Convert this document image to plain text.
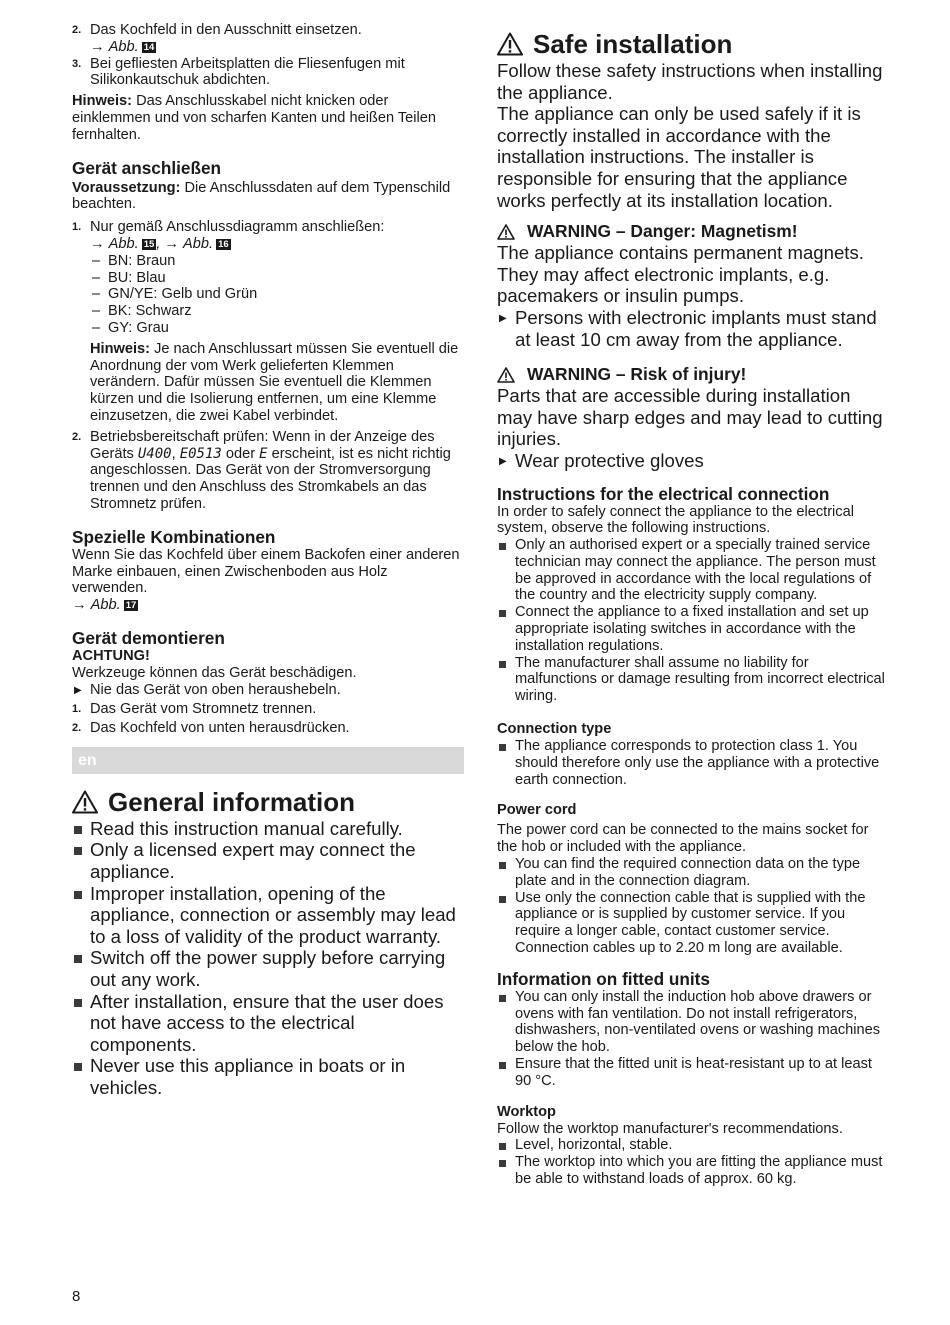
2. Das Kochfeld in den Ausschnitt einsetzen.
→ Abb. 14
3. Bei gefliesten Arbeitsplatten die Fliesenfugen mit Silikonkautschuk abdichten.
Hinweis: Das Anschlusskabel nicht knicken oder einklemmen und von scharfen Kanten und heißen Teilen fernhalten.
Gerät anschließen
Voraussetzung: Die Anschlussdaten auf dem Typenschild beachten.
1. Nur gemäß Anschlussdiagramm anschließen:
→ Abb. 15 , → Abb. 16
– BN: Braun
– BU: Blau
– GN/YE: Gelb und Grün
– BK: Schwarz
– GY: Grau
Hinweis: Je nach Anschlussart müssen Sie eventuell die Anordnung der vom Werk gelieferten Klemmen verändern. Dafür müssen Sie eventuell die Klemmen kürzen und die Isolierung entfernen, um eine Klemme einzusetzen, die zwei Kabel verbindet.
2. Betriebsbereitschaft prüfen: Wenn in der Anzeige des Geräts U400, E0513 oder E erscheint, ist es nicht richtig angeschlossen. Das Gerät von der Stromversorgung trennen und den Anschluss des Stromkabels an das Stromnetz prüfen.
Spezielle Kombinationen
Wenn Sie das Kochfeld über einem Backofen einer anderen Marke einbauen, einen Zwischenboden aus Holz verwenden.
→ Abb. 17
Gerät demontieren
ACHTUNG!
Werkzeuge können das Gerät beschädigen.
▶ Nie das Gerät von oben heraushebeln.
1. Das Gerät vom Stromnetz trennen.
2. Das Kochfeld von unten herausdrücken.
en
General information
Read this instruction manual carefully.
Only a licensed expert may connect the appliance.
Improper installation, opening of the appliance, connection or assembly may lead to a loss of validity of the product warranty.
Switch off the power supply before carrying out any work.
After installation, ensure that the user does not have access to the electrical components.
Never use this appliance in boats or in vehicles.
Safe installation
Follow these safety instructions when installing the appliance.
The appliance can only be used safely if it is correctly installed in accordance with the installation instructions. The installer is responsible for ensuring that the appliance works perfectly at its installation location.
WARNING – Danger: Magnetism!
The appliance contains permanent magnets. They may affect electronic implants, e.g. pacemakers or insulin pumps.
▶ Persons with electronic implants must stand at least 10 cm away from the appliance.
WARNING – Risk of injury!
Parts that are accessible during installation may have sharp edges and may lead to cutting injuries.
▶ Wear protective gloves
Instructions for the electrical connection
In order to safely connect the appliance to the electrical system, observe the following instructions.
Only an authorised expert or a specially trained service technician may connect the appliance. The person must be approved in accordance with the local regulations of the country and the electricity supply company.
Connect the appliance to a fixed installation and set up appropriate isolating switches in accordance with the installation regulations.
The manufacturer shall assume no liability for malfunctions or damage resulting from incorrect electrical wiring.
Connection type
The appliance corresponds to protection class 1. You should therefore only use the appliance with a protective earth connection.
Power cord
The power cord can be connected to the mains socket for the hob or included with the appliance.
You can find the required connection data on the type plate and in the connection diagram.
Use only the connection cable that is supplied with the appliance or is supplied by customer service. If you require a longer cable, contact customer service. Connection cables up to 2.20 m long are available.
Information on fitted units
You can only install the induction hob above drawers or ovens with fan ventilation. Do not install refrigerators, dishwashers, non-ventilated ovens or washing machines below the hob.
Ensure that the fitted unit is heat-resistant up to at least 90 °C.
Worktop
Follow the worktop manufacturer's recommendations.
Level, horizontal, stable.
The worktop into which you are fitting the appliance must be able to withstand loads of approx. 60 kg.
8
